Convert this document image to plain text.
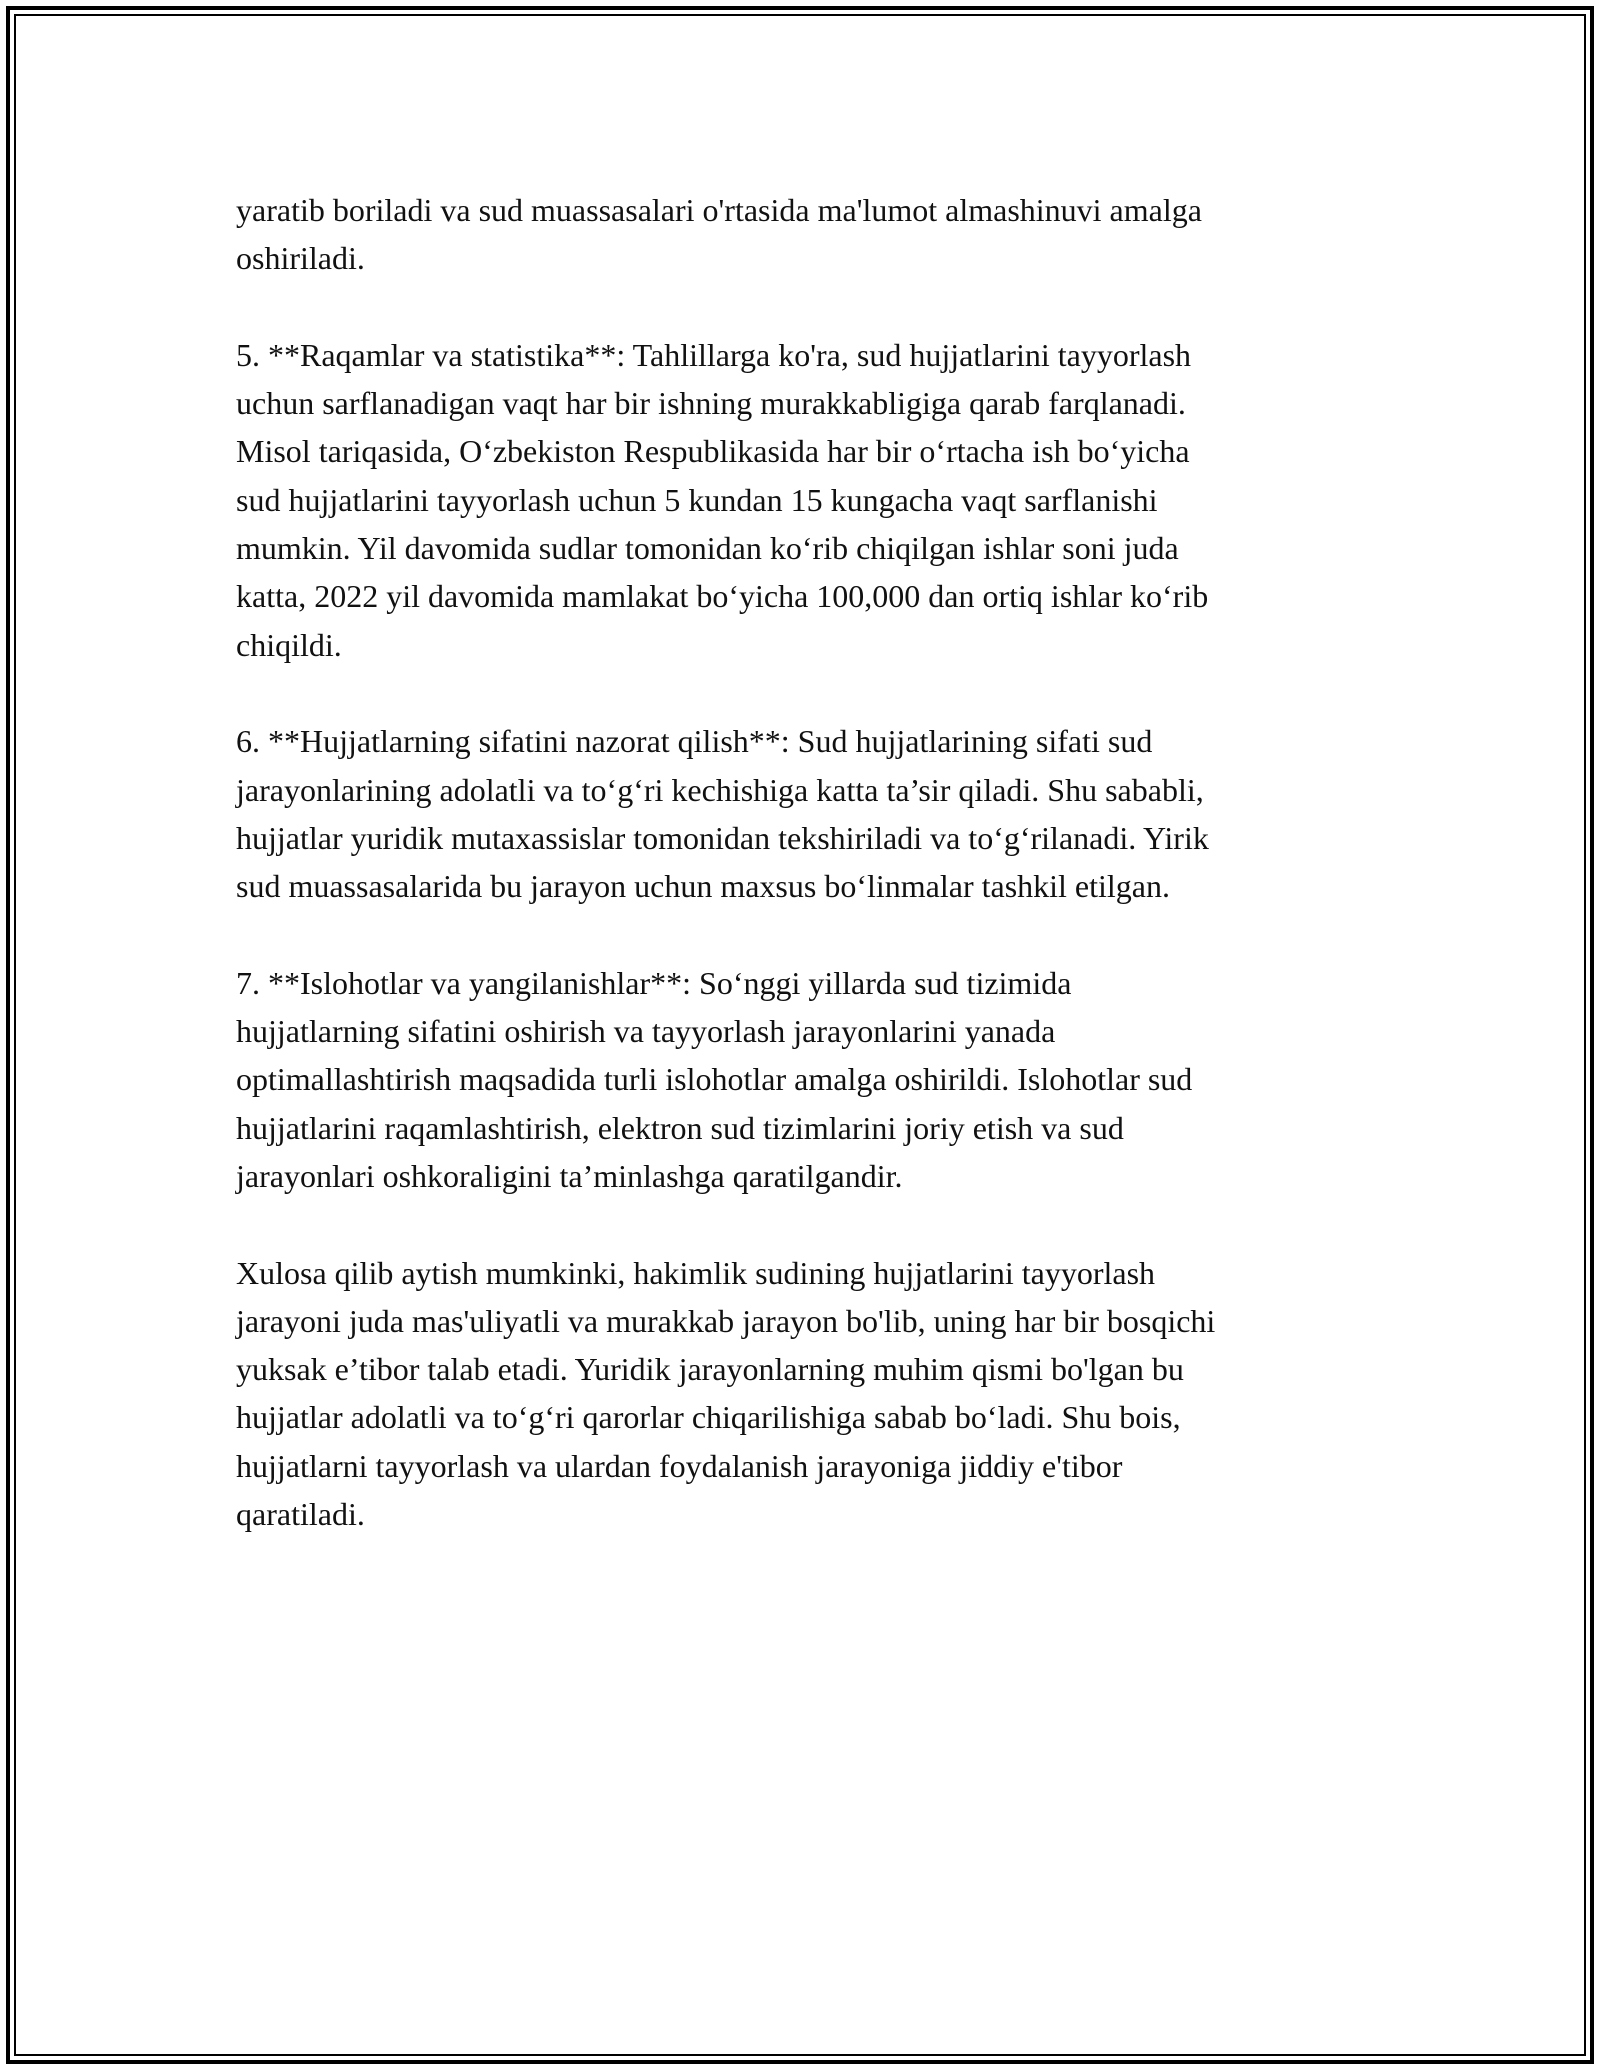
yaratib boriladi va sud muassasalari o'rtasida ma'lumot almashinuvi amalga
oshiriladi.

5. **Raqamlar va statistika**: Tahlillarga ko'ra, sud hujjatlarini tayyorlash
uchun sarflanadigan vaqt har bir ishning murakkabligiga qarab farqlanadi.
Misol tariqasida, O‘zbekiston Respublikasida har bir o‘rtacha ish bo‘yicha
sud hujjatlarini tayyorlash uchun 5 kundan 15 kungacha vaqt sarflanishi
mumkin. Yil davomida sudlar tomonidan ko‘rib chiqilgan ishlar soni juda
katta, 2022 yil davomida mamlakat bo‘yicha 100,000 dan ortiq ishlar ko‘rib
chiqildi.

6. **Hujjatlarning sifatini nazorat qilish**: Sud hujjatlarining sifati sud
jarayonlarining adolatli va to‘g‘ri kechishiga katta ta’sir qiladi. Shu sababli,
hujjatlar yuridik mutaxassislar tomonidan tekshiriladi va to‘g‘rilanadi. Yirik
sud muassasalarida bu jarayon uchun maxsus bo‘linmalar tashkil etilgan.

7. **Islohotlar va yangilanishlar**: So‘nggi yillarda sud tizimida
hujjatlarning sifatini oshirish va tayyorlash jarayonlarini yanada
optimallashtirish maqsadida turli islohotlar amalga oshirildi. Islohotlar sud
hujjatlarini raqamlashtirish, elektron sud tizimlarini joriy etish va sud
jarayonlari oshkoraligini ta’minlashga qaratilgandir.

Xulosa qilib aytish mumkinki, hakimlik sudining hujjatlarini tayyorlash
jarayoni juda mas'uliyatli va murakkab jarayon bo'lib, uning har bir bosqichi
yuksak e’tibor talab etadi. Yuridik jarayonlarning muhim qismi bo'lgan bu
hujjatlar adolatli va to‘g‘ri qarorlar chiqarilishiga sabab bo‘ladi. Shu bois,
hujjatlarni tayyorlash va ulardan foydalanish jarayoniga jiddiy e'tibor
qaratiladi.
